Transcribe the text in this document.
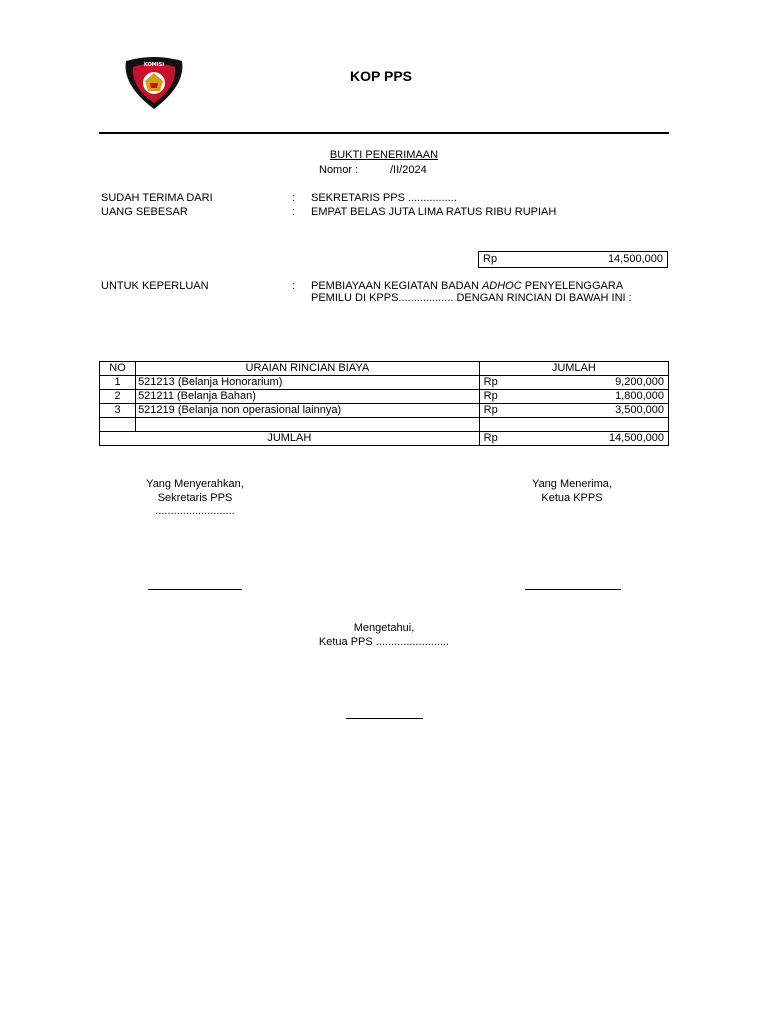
KOMISI
KOP PPS
BUKTI PENERIMAAN
Nomor :	/II/2024
SUDAH TERIMA DARI	: SEKRETARIS PPS ................
UANG SEBESAR	: EMPAT BELAS JUTA LIMA RATUS RIBU RUPIAH
Rp	14,500,000
UNTUK KEPERLUAN	: PEMBIAYAAN KEGIATAN BADAN ADHOC PENYELENGGARA
PEMILU DI KPPS.................. DENGAN RINCIAN DI BAWAH INI :
NO	URAIAN RINCIAN BIAYA	JUMLAH
1	521213 (Belanja Honorarium)	Rp 9,200,000

2	521211 (Belanja Bahan)	Rp 1,800,000

3	521219 (Belanja non operasional lainnya)	Rp 3,500,000

JUMLAH		Rp 14,500,000
Yang Menyerahkan,
Sekretaris PPS
..........................
Yang Menerima,
Ketua KPPS
Mengetahui,
Ketua PPS ........................
